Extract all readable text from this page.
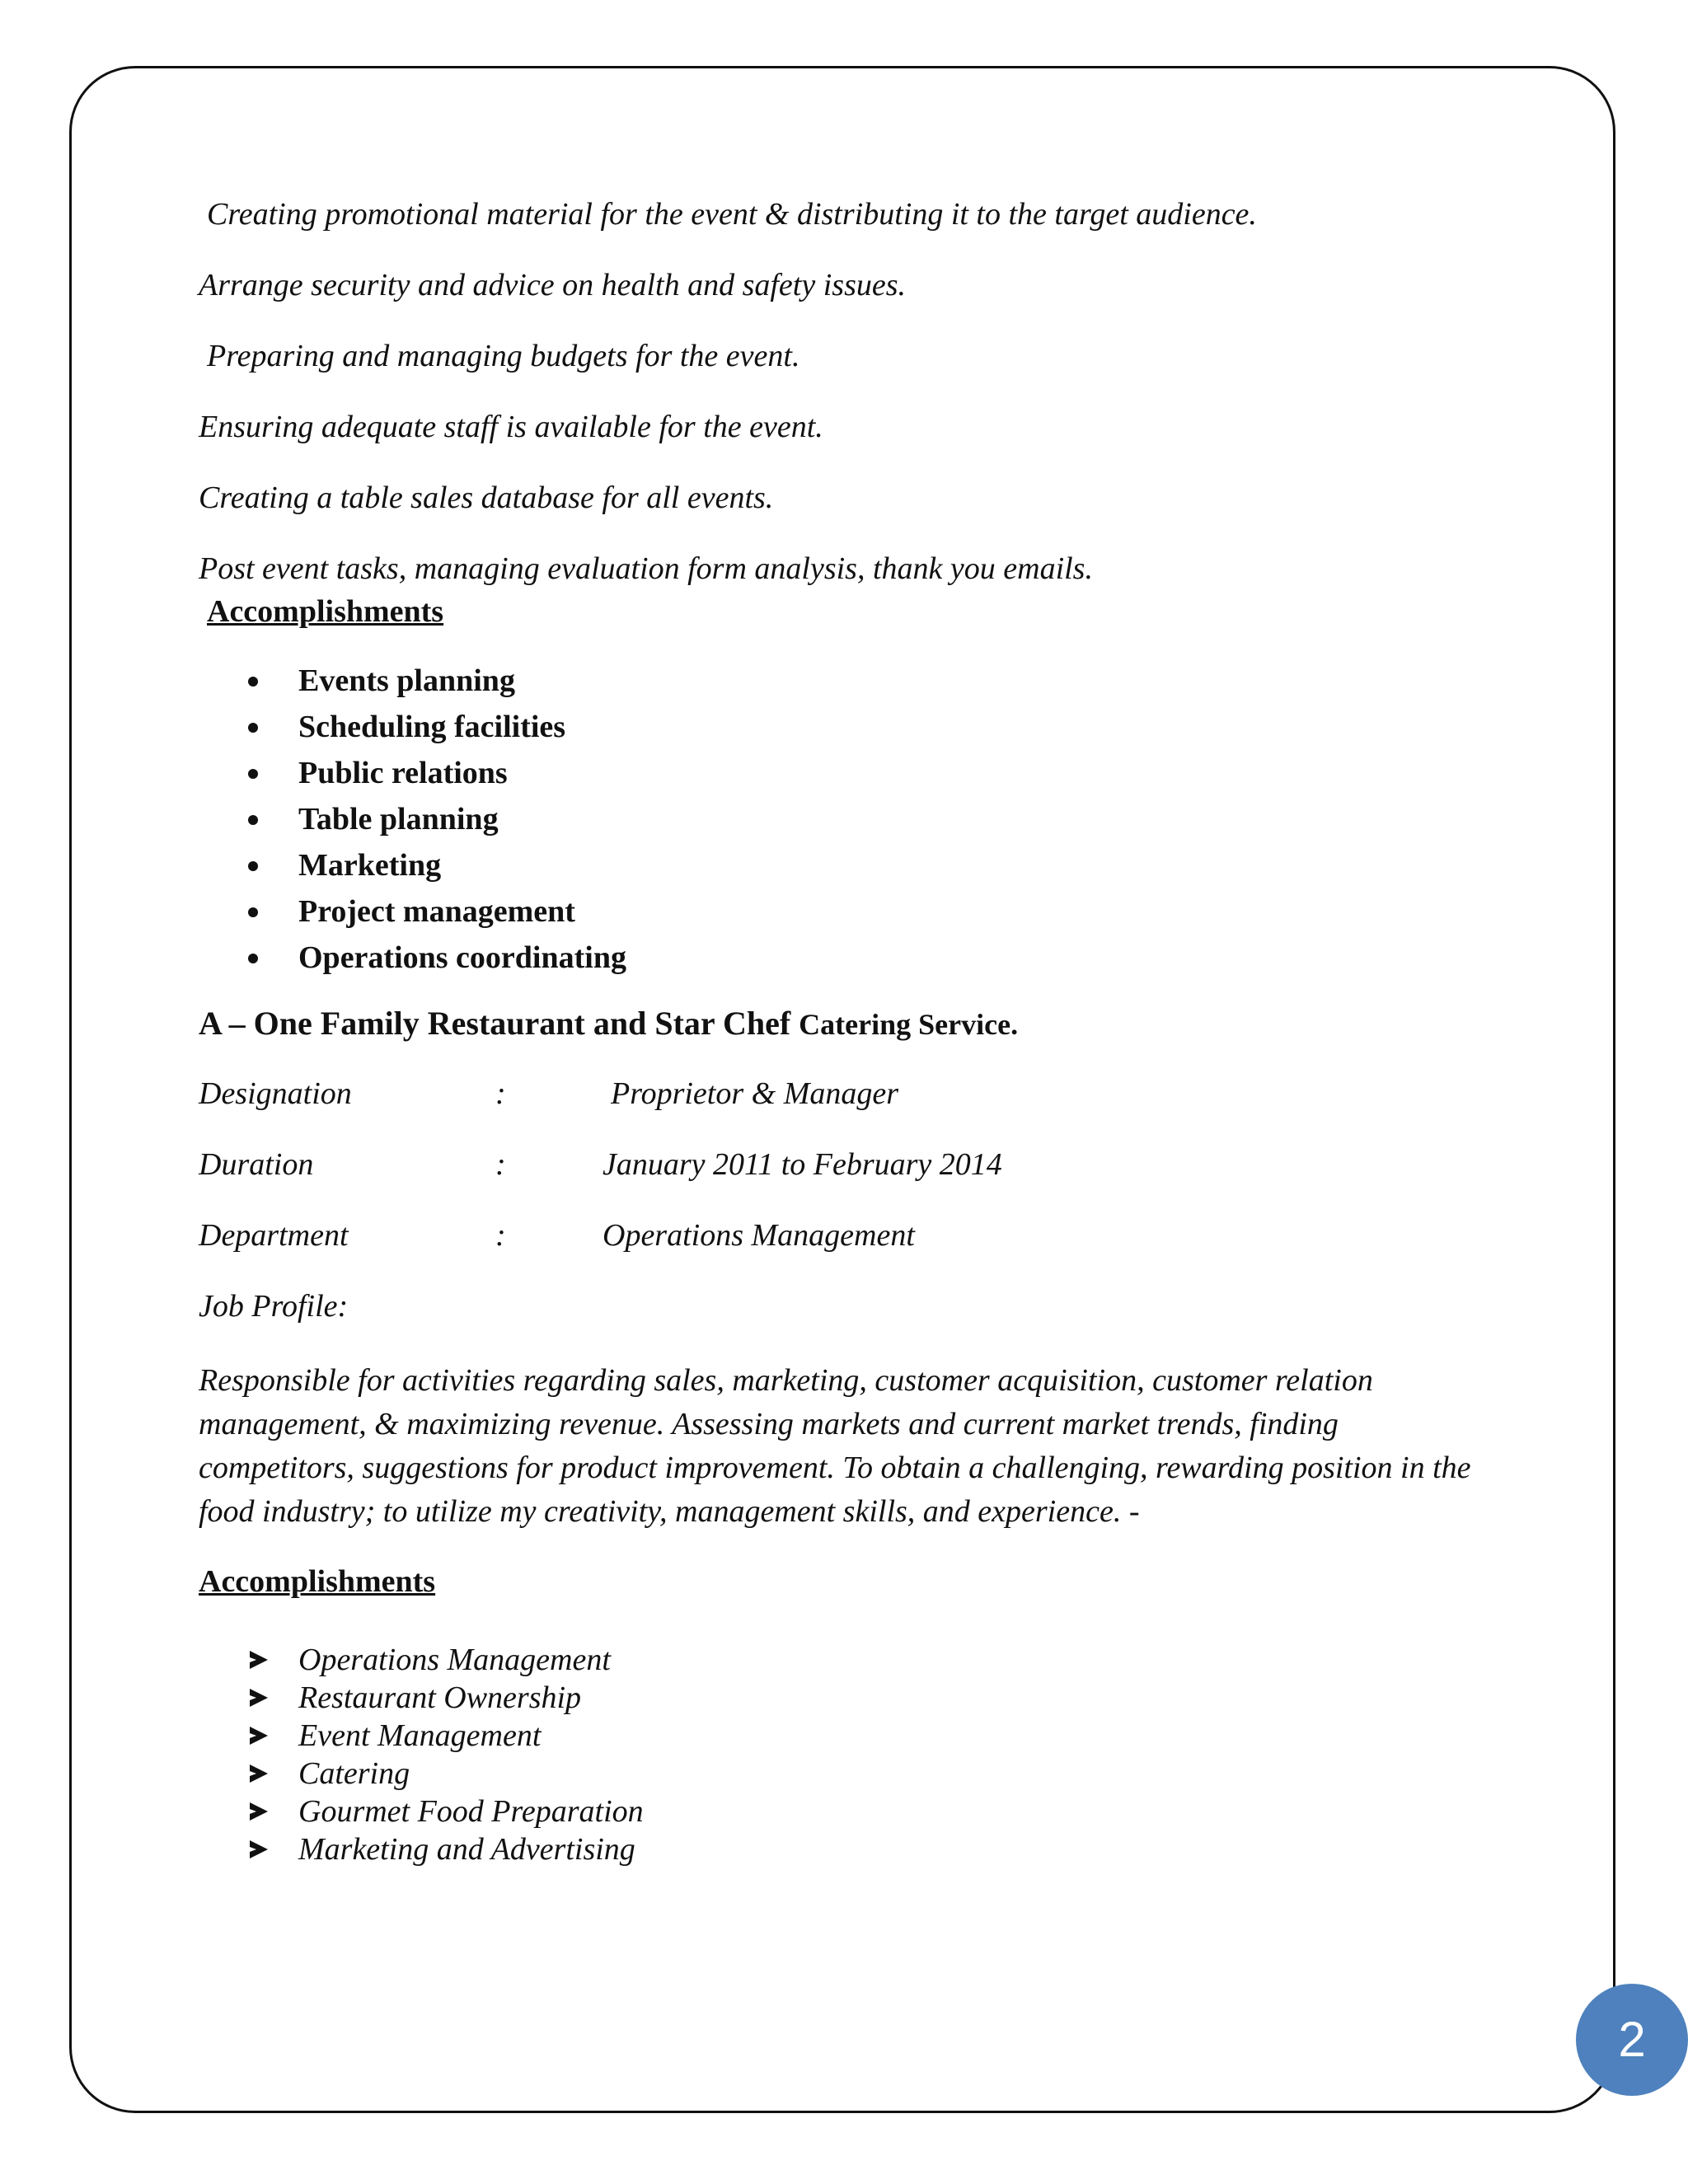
Creating promotional material for the event & distributing it to the target audience.

Arrange security and advice on health and safety issues.

Preparing and managing budgets for the event.

Ensuring adequate staff is available for the event.

Creating a table sales database for all events.

Post event tasks, managing evaluation form analysis, thank you emails.

Accomplishments

Events planning
Scheduling facilities
Public relations
Table planning
Marketing
Project management
Operations coordinating

A – One Family Restaurant and Star Chef Catering Service.

Designation	:	Proprietor & Manager
Duration	:	January 2011 to February 2014
Department	:	Operations Management

Job Profile:

Responsible for activities regarding sales, marketing, customer acquisition, customer relation
management, & maximizing revenue. Assessing markets and current market trends, finding
competitors, suggestions for product improvement. To obtain a challenging, rewarding position in the
food industry; to utilize my creativity, management skills, and experience. -

Accomplishments

Operations Management
Restaurant Ownership
Event Management
Catering
Gourmet Food Preparation
Marketing and Advertising
2
